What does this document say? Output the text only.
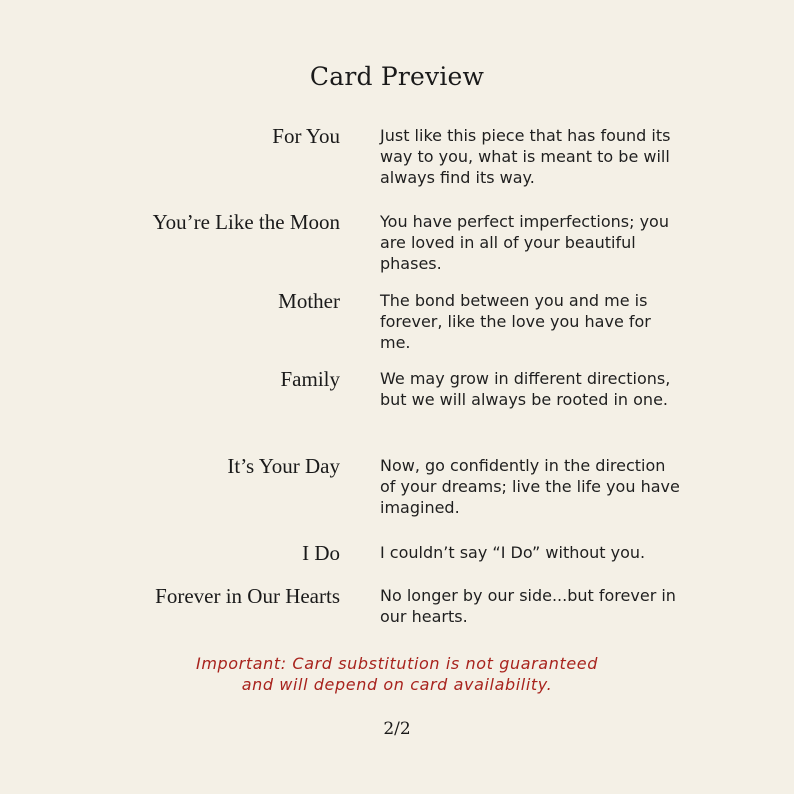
Card Preview
For You	Just like this piece that has found its way to you, what is meant to be will always find its way.
You’re Like the Moon	You have perfect imperfections; you are loved in all of your beautiful phases.
Mother	The bond between you and me is forever, like the love you have for me.
Family	We may grow in different directions, but we will always be rooted in one.
It’s Your Day	Now, go confidently in the direction of your dreams; live the life you have imagined.
I Do	I couldn’t say “I Do” without you.
Forever in Our Hearts	No longer by our side...but forever in our hearts.
Important: Card substitution is not guaranteed
and will depend on card availability.
2/2
